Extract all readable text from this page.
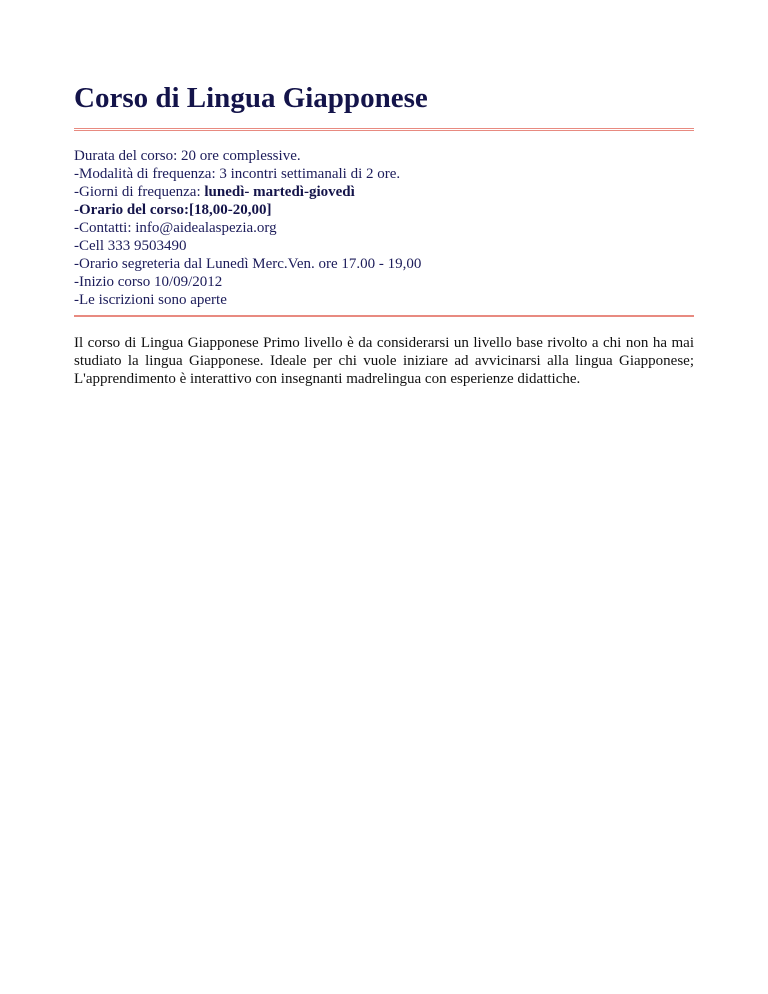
Corso di Lingua Giapponese
Durata del corso: 20 ore complessive.
-Modalità di frequenza: 3 incontri settimanali di 2 ore.
-Giorni di frequenza: lunedì- martedì-giovedì
-Orario del corso:[18,00-20,00]
-Contatti: info@aidealaspezia.org
-Cell 333 9503490
-Orario segreteria dal Lunedì Merc.Ven. ore 17.00 - 19,00
-Inizio corso 10/09/2012
-Le iscrizioni sono aperte

Il corso di Lingua Giapponese Primo livello è da considerarsi un livello base rivolto a chi non ha mai studiato la lingua Giapponese. Ideale per chi vuole iniziare ad avvicinarsi alla lingua Giapponese; L'apprendimento è interattivo con insegnanti madrelingua con esperienze didattiche.
